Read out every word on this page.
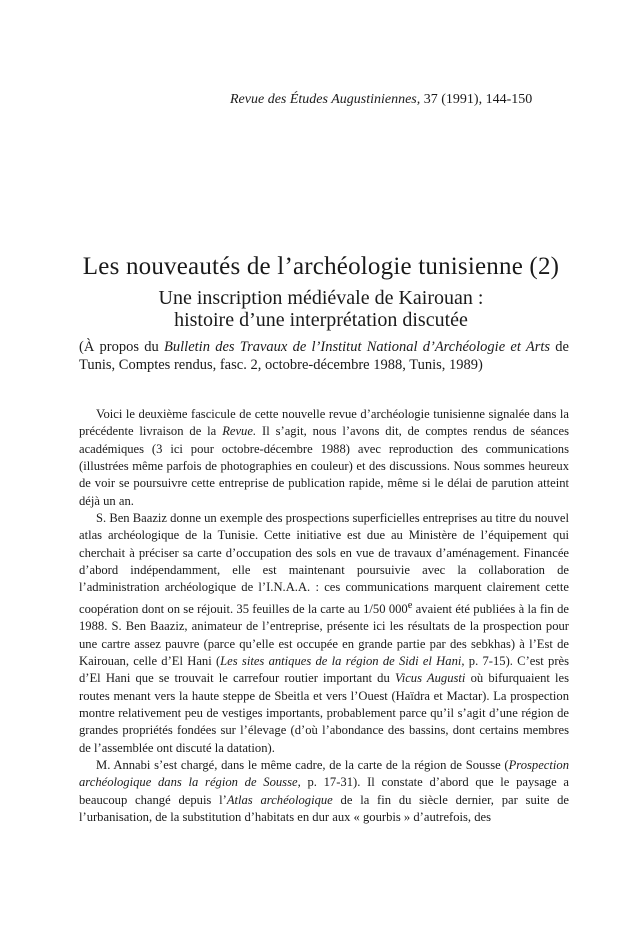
Revue des Études Augustiniennes, 37 (1991), 144-150
Les nouveautés de l’archéologie tunisienne (2)
Une inscription médiévale de Kairouan :
histoire d’une interprétation discutée
(À propos du Bulletin des Travaux de l’Institut National d’Archéologie et Arts de Tunis, Comptes rendus, fasc. 2, octobre-décembre 1988, Tunis, 1989)

Voici le deuxième fascicule de cette nouvelle revue d’archéologie tunisienne signalée dans la précédente livraison de la Revue. Il s’agit, nous l’avons dit, de comptes rendus de séances académiques (3 ici pour octobre-décembre 1988) avec reproduction des communications (illustrées même parfois de photographies en couleur) et des discussions. Nous sommes heureux de voir se poursuivre cette entreprise de publication rapide, même si le délai de parution atteint déjà un an.

S. Ben Baaziz donne un exemple des prospections superficielles entreprises au titre du nouvel atlas archéologique de la Tunisie. Cette initiative est due au Ministère de l’équipement qui cherchait à préciser sa carte d’occupation des sols en vue de travaux d’aménagement. Financée d’abord indépendamment, elle est maintenant poursuivie avec la collaboration de l’administration archéologique de l’I.N.A.A. : ces communications marquent clairement cette coopération dont on se réjouit. 35 feuilles de la carte au 1/50 000e avaient été publiées à la fin de 1988. S. Ben Baaziz, animateur de l’entreprise, présente ici les résultats de la prospection pour une cartre assez pauvre (parce qu’elle est occupée en grande partie par des sebkhas) à l’Est de Kairouan, celle d’El Hani (Les sites antiques de la région de Sidi el Hani, p. 7-15). C’est près d’El Hani que se trouvait le carrefour routier important du Vicus Augusti où bifurquaient les routes menant vers la haute steppe de Sbeitla et vers l’Ouest (Haïdra et Mactar). La prospection montre relativement peu de vestiges importants, probablement parce qu’il s’agit d’une région de grandes propriétés fondées sur l’élevage (d’où l’abondance des bassins, dont certains membres de l’assemblée ont discuté la datation).

M. Annabi s’est chargé, dans le même cadre, de la carte de la région de Sousse (Prospection archéologique dans la région de Sousse, p. 17-31). Il constate d’abord que le paysage a beaucoup changé depuis l’Atlas archéologique de la fin du siècle dernier, par suite de l’urbanisation, de la substitution d’habitats en dur aux « gourbis » d’autrefois, des
